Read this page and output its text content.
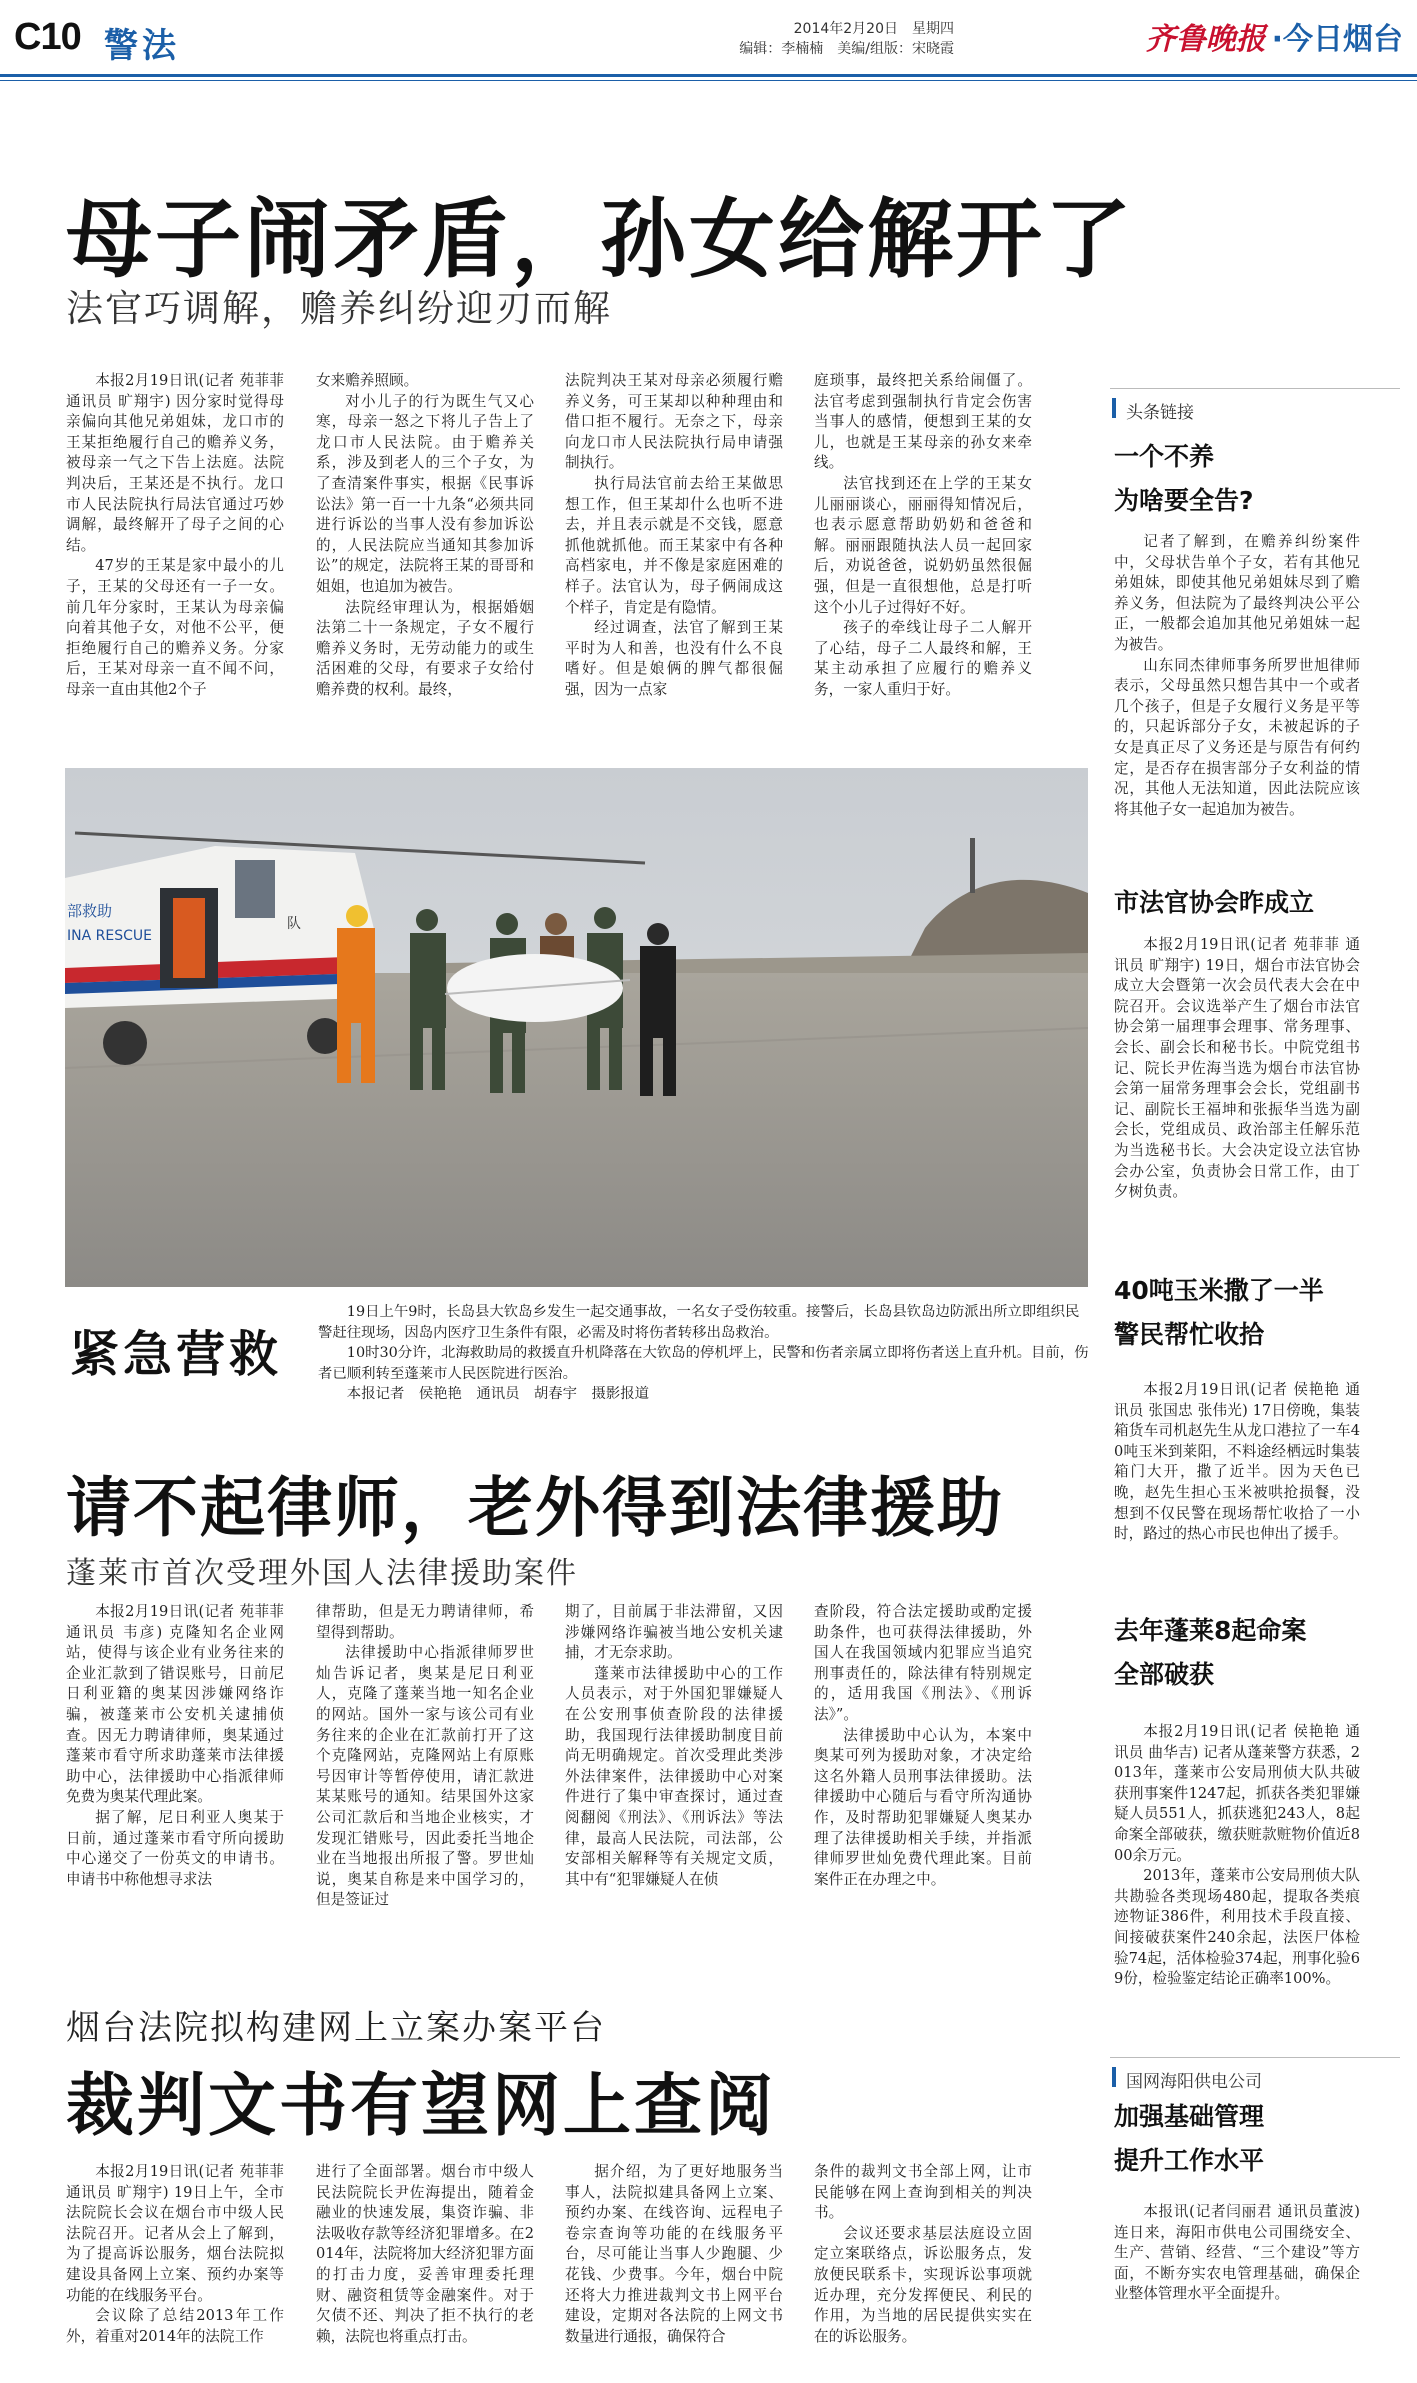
C10 警法	2014年2月20日　星期四
编辑：李楠楠　美编/组版：宋晓霞	齐鲁晚报 ·今日烟台
母子闹矛盾，孙女给解开了
法官巧调解，赡养纠纷迎刃而解

本报2月19日讯(记者 苑菲菲 通讯员 旷翔宇) 因分家时觉得母亲偏向其他兄弟姐妹，龙口市的王某拒绝履行自己的赡养义务，被母亲一气之下告上法庭。法院判决后，王某还是不执行。龙口市人民法院执行局法官通过巧妙调解，最终解开了母子之间的心结。

47岁的王某是家中最小的儿子，王某的父母还有一子一女。前几年分家时，王某认为母亲偏向着其他子女，对他不公平，便拒绝履行自己的赡养义务。分家后，王某对母亲一直不闻不问，母亲一直由其他2个子

女来赡养照顾。

对小儿子的行为既生气又心寒，母亲一怒之下将儿子告上了龙口市人民法院。由于赡养关系，涉及到老人的三个子女，为了查清案件事实，根据《民事诉讼法》第一百一十九条“必须共同进行诉讼的当事人没有参加诉讼的，人民法院应当通知其参加诉讼”的规定，法院将王某的哥哥和姐姐，也追加为被告。

法院经审理认为，根据婚姻法第二十一条规定，子女不履行赡养义务时，无劳动能力的或生活困难的父母，有要求子女给付赡养费的权利。最终，

法院判决王某对母亲必须履行赡养义务，可王某却以种种理由和借口拒不履行。无奈之下，母亲向龙口市人民法院执行局申请强制执行。

执行局法官前去给王某做思想工作，但王某却什么也听不进去，并且表示就是不交钱，愿意抓他就抓他。而王某家中有各种高档家电，并不像是家庭困难的样子。法官认为，母子俩闹成这个样子，肯定是有隐情。

经过调查，法官了解到王某平时为人和善，也没有什么不良嗜好。但是娘俩的脾气都很倔强，因为一点家

庭琐事，最终把关系给闹僵了。法官考虑到强制执行肯定会伤害当事人的感情，便想到王某的女儿，也就是王某母亲的孙女来牵线。

法官找到还在上学的王某女儿丽丽谈心，丽丽得知情况后，也表示愿意帮助奶奶和爸爸和解。丽丽跟随执法人员一起回家后，劝说爸爸，说奶奶虽然很倔强，但是一直很想他，总是打听这个小儿子过得好不好。

孩子的牵线让母子二人解开了心结，母子二人最终和解，王某主动承担了应履行的赡养义务，一家人重归于好。

头条链接
一个不养
为啥要全告?

记者了解到，在赡养纠纷案件中，父母状告单个子女，若有其他兄弟姐妹，即使其他兄弟姐妹尽到了赡养义务，但法院为了最终判决公平公正，一般都会追加其他兄弟姐妹一起为被告。

山东同杰律师事务所罗世旭律师表示，父母虽然只想告其中一个或者几个孩子，但是子女履行义务是平等的，只起诉部分子女，未被起诉的子女是真正尽了义务还是与原告有何约定，是否存在损害部分子女利益的情况，其他人无法知道，因此法院应该将其他子女一起追加为被告。

市法官协会昨成立

本报2月19日讯(记者 苑菲菲 通讯员 旷翔宇) 19日，烟台市法官协会成立大会暨第一次会员代表大会在中院召开。会议选举产生了烟台市法官协会第一届理事会理事、常务理事、会长、副会长和秘书长。中院党组书记、院长尹佐海当选为烟台市法官协会第一届常务理事会会长，党组副书记、副院长王福坤和张振华当选为副会长，党组成员、政治部主任解乐范为当选秘书长。大会决定设立法官协会办公室，负责协会日常工作，由丁夕树负责。

40吨玉米撒了一半
警民帮忙收拾

本报2月19日讯(记者 侯艳艳 通讯员 张国忠 张伟光) 17日傍晚，集装箱货车司机赵先生从龙口港拉了一车40吨玉米到莱阳，不料途经栖远时集装箱门大开，撒了近半。因为天色已晚，赵先生担心玉米被哄抢损餐，没想到不仅民警在现场帮忙收拾了一小时，路过的热心市民也伸出了援手。

去年蓬莱8起命案
全部破获

本报2月19日讯(记者 侯艳艳 通讯员 曲华吉) 记者从蓬莱警方获悉，2013年，蓬莱市公安局刑侦大队共破获刑事案件1247起，抓获各类犯罪嫌疑人员551人，抓获逃犯243人，8起命案全部破获，缴获赃款赃物价值近800余万元。

2013年，蓬莱市公安局刑侦大队共勘验各类现场480起，提取各类痕迹物证386件，利用技术手段直接、间接破获案件240余起，法医尸体检验74起，活体检验374起，刑事化验69份，检验鉴定结论正确率100%。

国网海阳供电公司
加强基础管理
提升工作水平

本报讯(记者闫丽君 通讯员董波) 连日来，海阳市供电公司围绕安全、生产、营销、经营、“三个建设”等方面，不断夯实农电管理基础，确保企业整体管理水平全面提升。

部救助
INA RESCUE
队
紧急营救

19日上午9时，长岛县大钦岛乡发生一起交通事故，一名女子受伤较重。接警后，长岛县钦岛边防派出所立即组织民警赶往现场，因岛内医疗卫生条件有限，必需及时将伤者转移出岛救治。

10时30分许，北海救助局的救援直升机降落在大钦岛的停机坪上，民警和伤者亲属立即将伤者送上直升机。目前，伤者已顺利转至蓬莱市人民医院进行医治。

本报记者　侯艳艳　通讯员　胡春宇　摄影报道

请不起律师，老外得到法律援助
蓬莱市首次受理外国人法律援助案件

本报2月19日讯(记者 苑菲菲 通讯员 韦彦) 克隆知名企业网站，使得与该企业有业务往来的企业汇款到了错误账号，日前尼日利亚籍的奥某因涉嫌网络诈骗，被蓬莱市公安机关逮捕侦查。因无力聘请律师，奥某通过蓬莱市看守所求助蓬莱市法律援助中心，法律援助中心指派律师免费为奥某代理此案。

据了解，尼日利亚人奥某于日前，通过蓬莱市看守所向援助中心递交了一份英文的申请书。申请书中称他想寻求法

律帮助，但是无力聘请律师，希望得到帮助。

法律援助中心指派律师罗世灿告诉记者，奥某是尼日利亚人，克隆了蓬莱当地一知名企业的网站。国外一家与该公司有业务往来的企业在汇款前打开了这个克隆网站，克隆网站上有原账号因审计等暂停使用，请汇款进某某账号的通知。结果国外这家公司汇款后和当地企业核实，才发现汇错账号，因此委托当地企业在当地报出所报了警。罗世灿说，奥某自称是来中国学习的，但是签证过

期了，目前属于非法滞留，又因涉嫌网络诈骗被当地公安机关逮捕，才无奈求助。

蓬莱市法律援助中心的工作人员表示，对于外国犯罪嫌疑人在公安刑事侦查阶段的法律援助，我国现行法律援助制度目前尚无明确规定。首次受理此类涉外法律案件，法律援助中心对案件进行了集中审查探讨，通过查阅翻阅《刑法》、《刑诉法》等法律，最高人民法院，司法部，公安部相关解释等有关规定文质，其中有“犯罪嫌疑人在侦

查阶段，符合法定援助或酌定援助条件，也可获得法律援助，外国人在我国领域内犯罪应当追究刑事责任的，除法律有特别规定的，适用我国《刑法》、《刑诉法》”。

法律援助中心认为，本案中奥某可列为援助对象，才决定给这名外籍人员刑事法律援助。法律援助中心随后与看守所沟通协作，及时帮助犯罪嫌疑人奥某办理了法律援助相关手续，并指派律师罗世灿免费代理此案。目前案件正在办理之中。

烟台法院拟构建网上立案办案平台
裁判文书有望网上查阅

本报2月19日讯(记者 苑菲菲 通讯员 旷翔宇) 19日上午，全市法院院长会议在烟台市中级人民法院召开。记者从会上了解到，为了提高诉讼服务，烟台法院拟建设具备网上立案、预约办案等功能的在线服务平台。

会议除了总结2013年工作外，着重对2014年的法院工作

进行了全面部署。烟台市中级人民法院院长尹佐海提出，随着金融业的快速发展，集资诈骗、非法吸收存款等经济犯罪增多。在2014年，法院将加大经济犯罪方面的打击力度，妥善审理委托理财、融资租赁等金融案件。对于欠债不还、判决了拒不执行的老赖，法院也将重点打击。

据介绍，为了更好地服务当事人，法院拟建具备网上立案、预约办案、在线咨询、远程电子卷宗查询等功能的在线服务平台，尽可能让当事人少跑腿、少花钱、少费事。今年，烟台中院还将大力推进裁判文书上网平台建设，定期对各法院的上网文书数量进行通报，确保符合

条件的裁判文书全部上网，让市民能够在网上查询到相关的判决书。

会议还要求基层法庭设立固定立案联络点，诉讼服务点，发放便民联系卡，实现诉讼事项就近办理，充分发挥便民、利民的作用，为当地的居民提供实实在在的诉讼服务。
